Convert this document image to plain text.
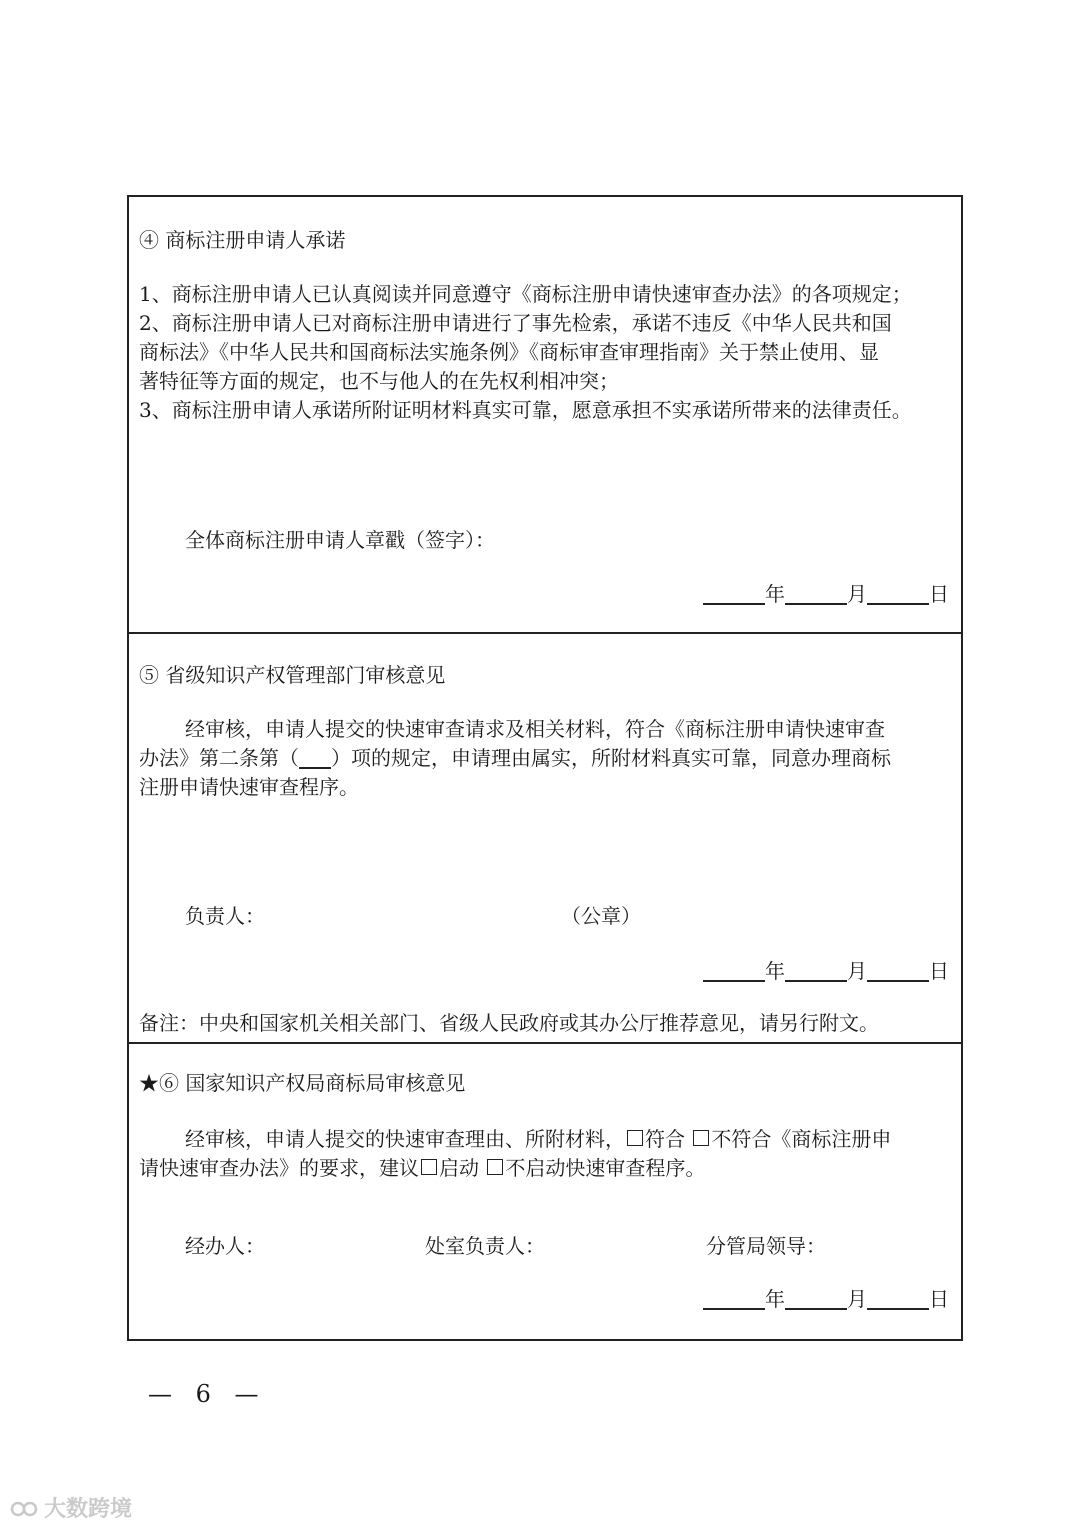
④ 商标注册申请人承诺
1、商标注册申请人已认真阅读并同意遵守《商标注册申请快速审查办法》的各项规定；
2、商标注册申请人已对商标注册申请进行了事先检索，承诺不违反《中华人民共和国
商标法》《中华人民共和国商标法实施条例》《商标审查审理指南》关于禁止使用、显
著特征等方面的规定，也不与他人的在先权利相冲突；
3、商标注册申请人承诺所附证明材料真实可靠，愿意承担不实承诺所带来的法律责任。
全体商标注册申请人章戳（签字）：
年	月	日
⑤ 省级知识产权管理部门审核意见
经审核，申请人提交的快速审查请求及相关材料，符合《商标注册申请快速审查
办法》第二条第（ ）项的规定，申请理由属实，所附材料真实可靠，同意办理商标
注册申请快速审查程序。
负责人：	（公章）
年	月	日
备注：中央和国家机关相关部门、省级人民政府或其办公厅推荐意见，请另行附文。
★⑥ 国家知识产权局商标局审核意见
经审核，申请人提交的快速审查理由、所附材料， 符合 不符合《商标注册申
请快速审查办法》的要求，建议 启动 不启动快速审查程序。
经办人：	处室负责人：	分管局领导：
年	月	日
— 6 —
大数跨境
